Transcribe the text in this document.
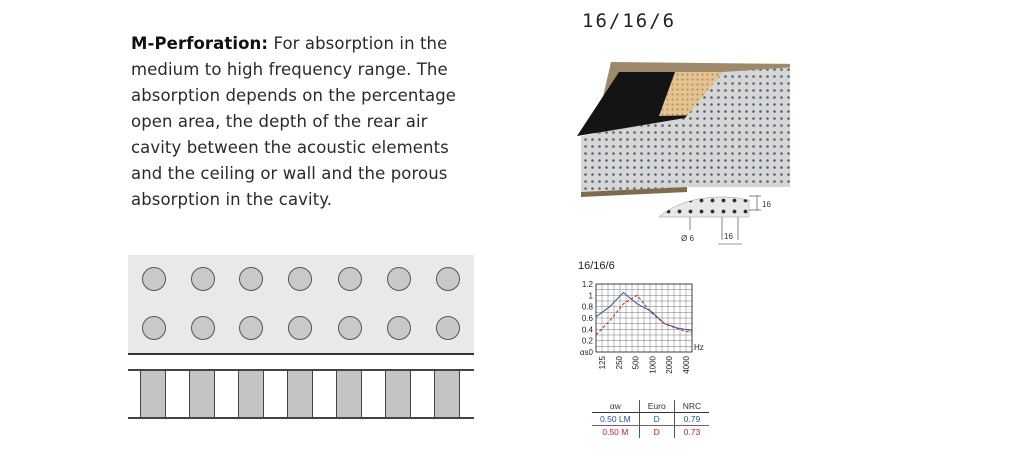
M-Perforation: For absorption in the medium to high frequency range. The absorption depends on the percentage open area, the depth of the rear air cavity between the acoustic elements and the ceiling or wall and the porous absorption in the cavity.
16/16/6
16
Ø 6	16
16/16/6
1.2
1
0.8
0.6
0.4
0.2
αs0
125 250 500 1000 2000 4000
Hz
αw	Euro	NRC
0.50 LM	D	0.79
0.50 M	D	0.73
